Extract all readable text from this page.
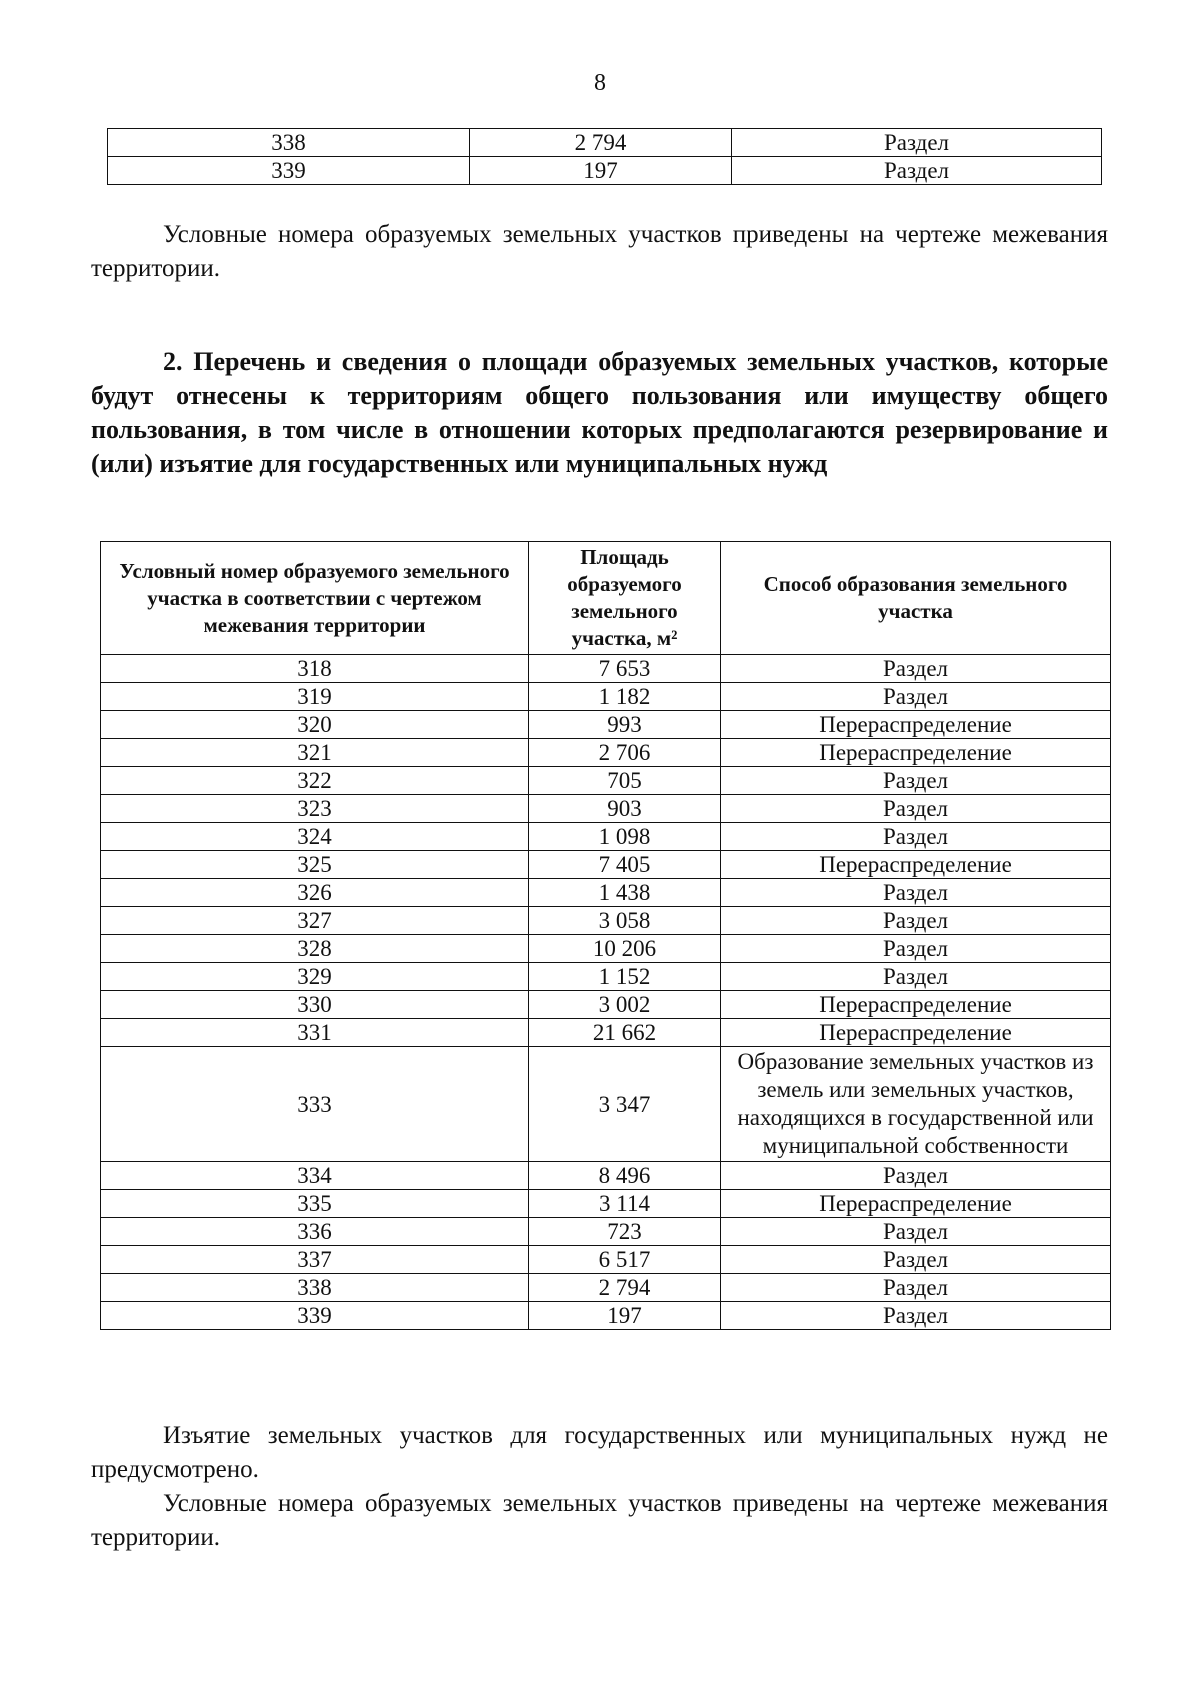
8
338	2 794	Раздел
339	197	Раздел
Условные номера образуемых земельных участков приведены на чертеже межевания территории.
2. Перечень и сведения о площади образуемых земельных участков, которые будут отнесены к территориям общего пользования или имуществу общего пользования, в том числе в отношении которых предполагаются резервирование и (или) изъятие для государственных или муниципальных нужд
Условный номер образуемого земельного участка в соответствии с чертежом межевания территории	Площадь образуемого земельного участка, м²	Способ образования земельного участка
318	7 653	Раздел
319	1 182	Раздел
320	993	Перераспределение
321	2 706	Перераспределение
322	705	Раздел
323	903	Раздел
324	1 098	Раздел
325	7 405	Перераспределение
326	1 438	Раздел
327	3 058	Раздел
328	10 206	Раздел
329	1 152	Раздел
330	3 002	Перераспределение
331	21 662	Перераспределение
333	3 347	Образование земельных участков из земель или земельных участков, находящихся в государственной или муниципальной собственности
334	8 496	Раздел
335	3 114	Перераспределение
336	723	Раздел
337	6 517	Раздел
338	2 794	Раздел
339	197	Раздел
Изъятие земельных участков для государственных или муниципальных нужд не предусмотрено.
Условные номера образуемых земельных участков приведены на чертеже межевания территории.
